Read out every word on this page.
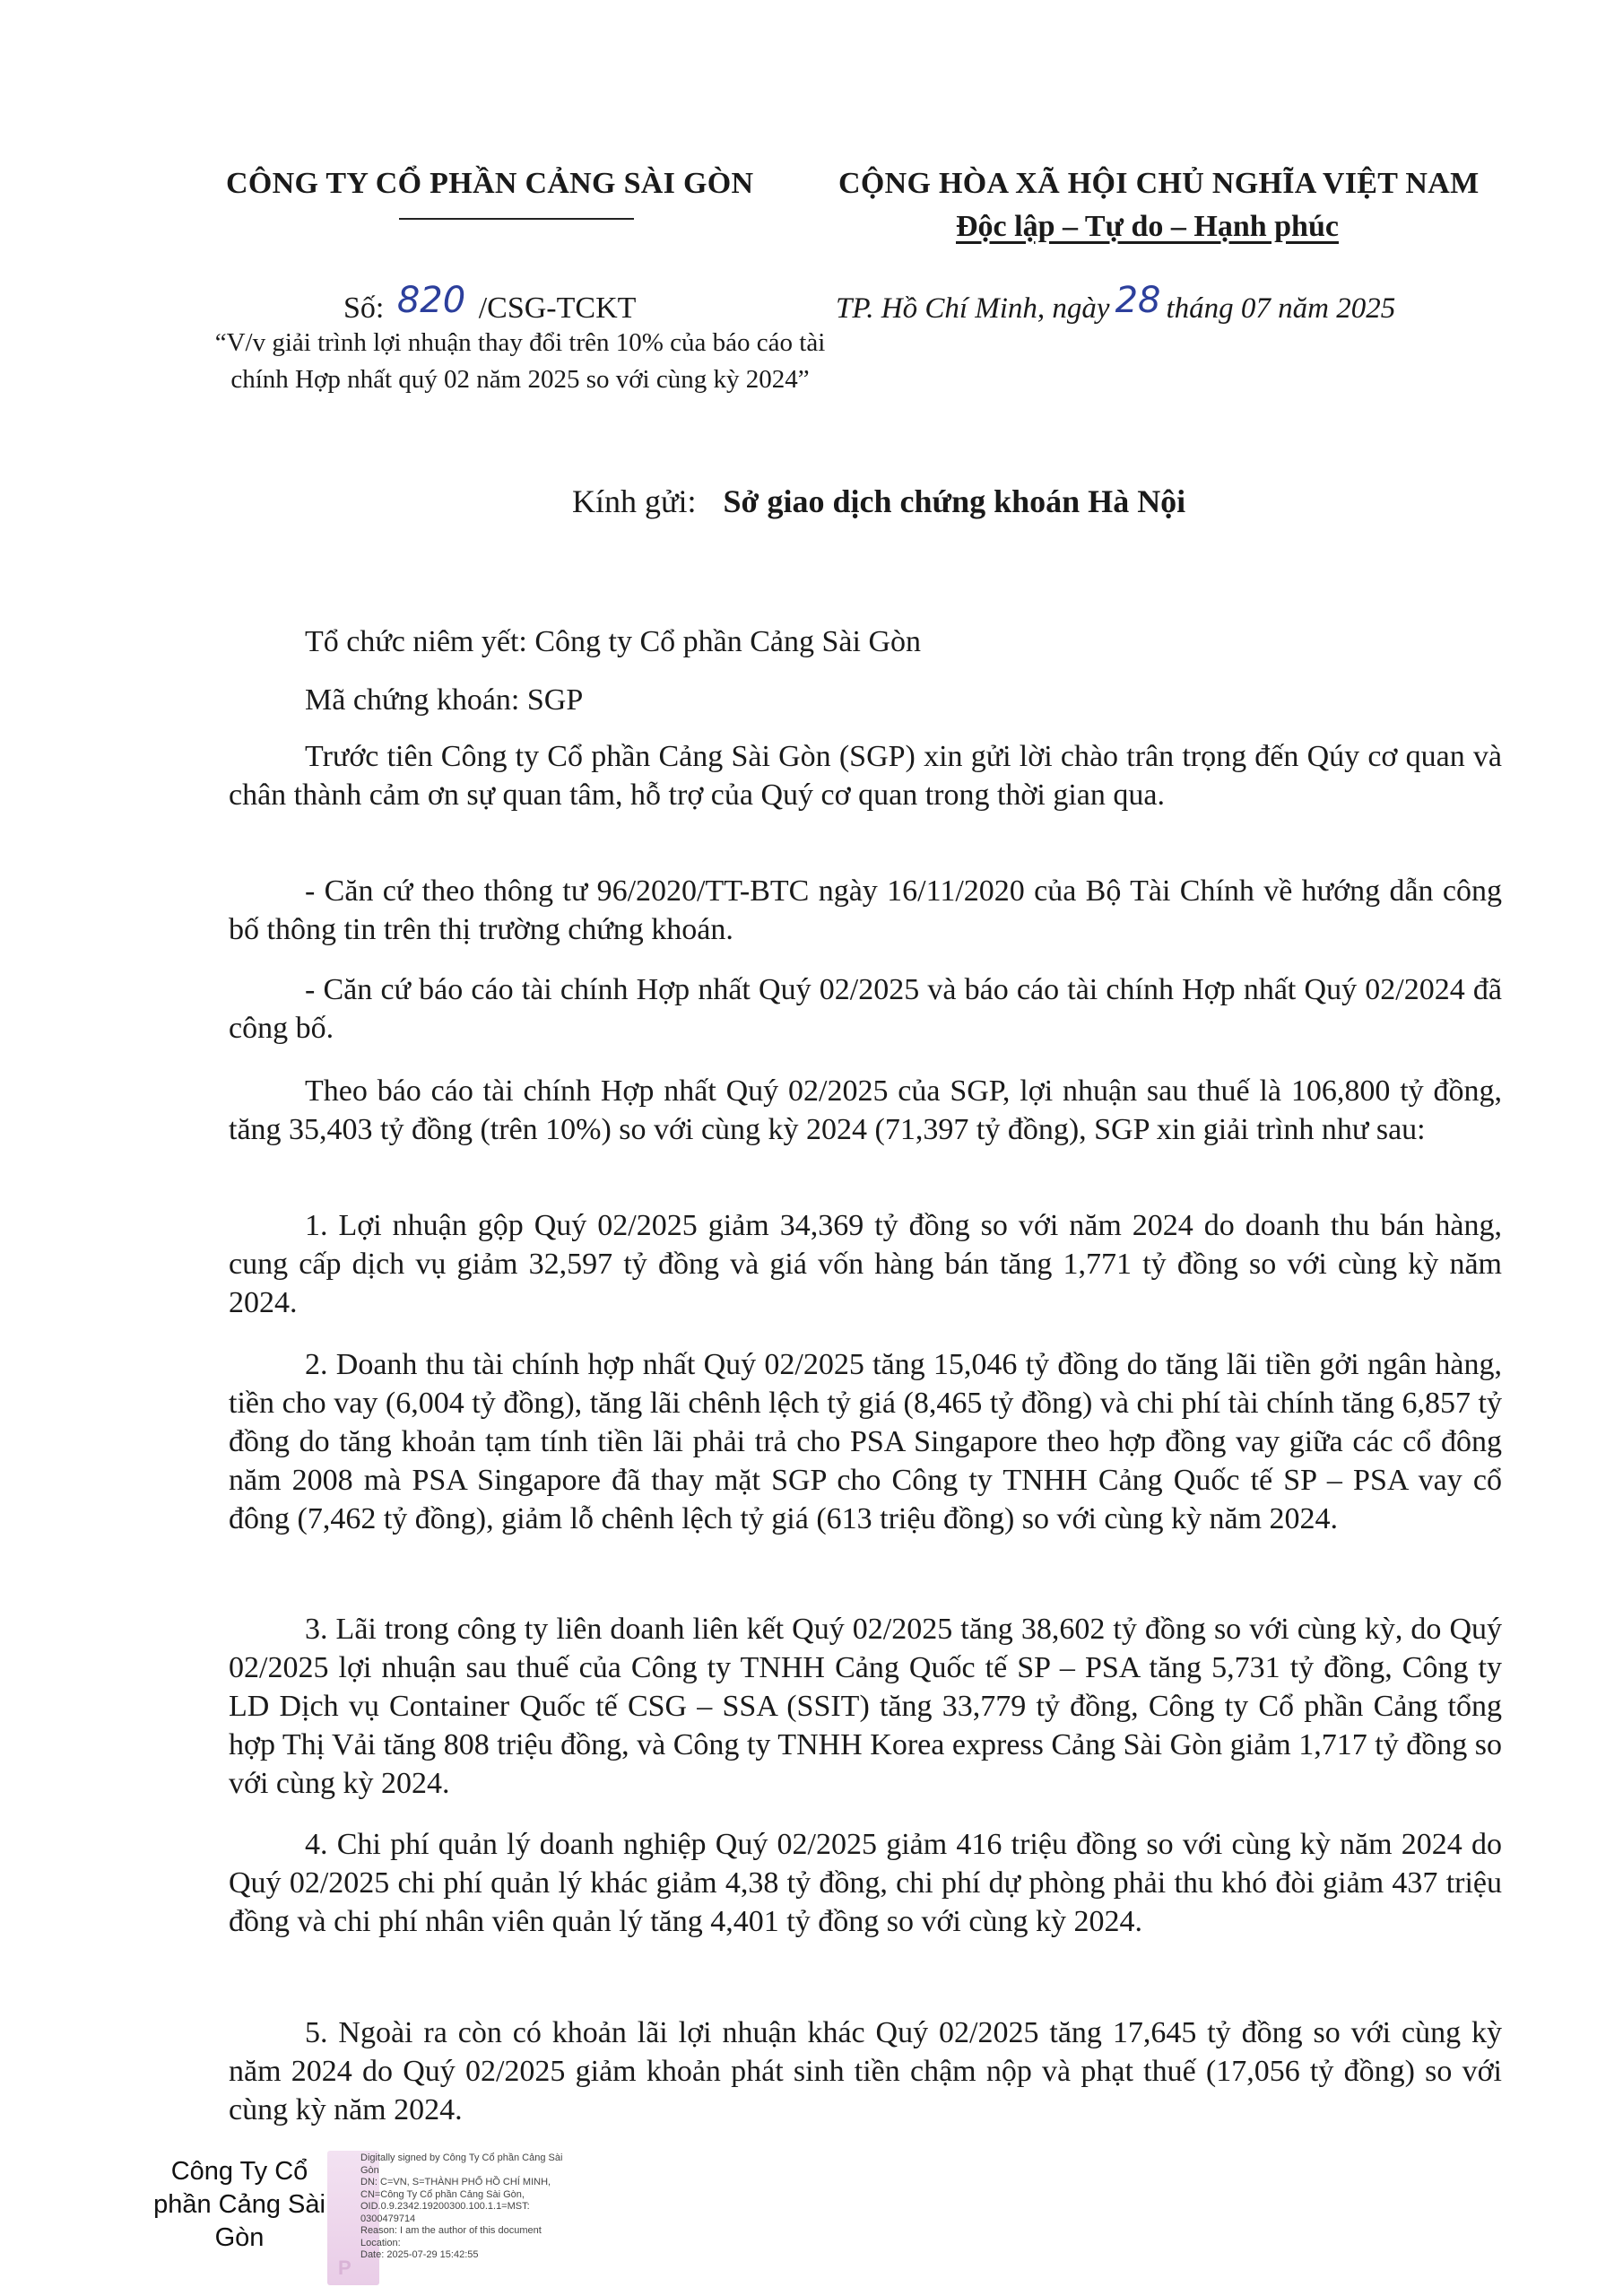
CÔNG TY CỔ PHẦN CẢNG SÀI GÒN	CỘNG HÒA XÃ HỘI CHỦ NGHĨA VIỆT NAM
Độc lập – Tự do – Hạnh phúc
Số: 820 /CSG-TCKT
“V/v giải trình lợi nhuận thay đổi trên 10% của báo cáo tài chính Hợp nhất quý 02 năm 2025 so với cùng kỳ 2024”
TP. Hồ Chí Minh, ngày 28 tháng 07 năm 2025
Kính gửi: Sở giao dịch chứng khoán Hà Nội
Tổ chức niêm yết: Công ty Cổ phần Cảng Sài Gòn
Mã chứng khoán: SGP
Trước tiên Công ty Cổ phần Cảng Sài Gòn (SGP) xin gửi lời chào trân trọng đến Qúy cơ quan và chân thành cảm ơn sự quan tâm, hỗ trợ của Quý cơ quan trong thời gian qua.
- Căn cứ theo thông tư 96/2020/TT-BTC ngày 16/11/2020 của Bộ Tài Chính về hướng dẫn công bố thông tin trên thị trường chứng khoán.
- Căn cứ báo cáo tài chính Hợp nhất Quý 02/2025 và báo cáo tài chính Hợp nhất Quý 02/2024 đã công bố.
Theo báo cáo tài chính Hợp nhất Quý 02/2025 của SGP, lợi nhuận sau thuế là 106,800 tỷ đồng, tăng 35,403 tỷ đồng (trên 10%) so với cùng kỳ 2024 (71,397 tỷ đồng), SGP xin giải trình như sau:
1. Lợi nhuận gộp Quý 02/2025 giảm 34,369 tỷ đồng so với năm 2024 do doanh thu bán hàng, cung cấp dịch vụ giảm 32,597 tỷ đồng và giá vốn hàng bán tăng 1,771 tỷ đồng so với cùng kỳ năm 2024.
2. Doanh thu tài chính hợp nhất Quý 02/2025 tăng 15,046 tỷ đồng do tăng lãi tiền gởi ngân hàng, tiền cho vay (6,004 tỷ đồng), tăng lãi chênh lệch tỷ giá (8,465 tỷ đồng) và chi phí tài chính tăng 6,857 tỷ đồng do tăng khoản tạm tính tiền lãi phải trả cho PSA Singapore theo hợp đồng vay giữa các cổ đông năm 2008 mà PSA Singapore đã thay mặt SGP cho Công ty TNHH Cảng Quốc tế SP – PSA vay cổ đông (7,462 tỷ đồng), giảm lỗ chênh lệch tỷ giá (613 triệu đồng) so với cùng kỳ năm 2024.
3. Lãi trong công ty liên doanh liên kết Quý 02/2025 tăng 38,602 tỷ đồng so với cùng kỳ, do Quý 02/2025 lợi nhuận sau thuế của Công ty TNHH Cảng Quốc tế SP – PSA tăng 5,731 tỷ đồng, Công ty LD Dịch vụ Container Quốc tế CSG – SSA (SSIT) tăng 33,779 tỷ đồng, Công ty Cổ phần Cảng tổng hợp Thị Vải tăng 808 triệu đồng, và Công ty TNHH Korea express Cảng Sài Gòn giảm 1,717 tỷ đồng so với cùng kỳ 2024.
4. Chi phí quản lý doanh nghiệp Quý 02/2025 giảm 416 triệu đồng so với cùng kỳ năm 2024 do Quý 02/2025 chi phí quản lý khác giảm 4,38 tỷ đồng, chi phí dự phòng phải thu khó đòi giảm 437 triệu đồng và chi phí nhân viên quản lý tăng 4,401 tỷ đồng so với cùng kỳ 2024.
5. Ngoài ra còn có khoản lãi lợi nhuận khác Quý 02/2025 tăng 17,645 tỷ đồng so với cùng kỳ năm 2024 do Quý 02/2025 giảm khoản phát sinh tiền chậm nộp và phạt thuế (17,056 tỷ đồng) so với cùng kỳ năm 2024.
P
Công Ty Cổ
phần Cảng Sài
Gòn
Digitally signed by Công Ty Cổ phần Cảng Sài
Gòn
DN: C=VN, S=THÀNH PHỐ HỒ CHÍ MINH,
CN=Công Ty Cổ phần Cảng Sài Gòn,
OID.0.9.2342.19200300.100.1.1=MST:
0300479714
Reason: I am the author of this document
Location:
Date: 2025-07-29 15:42:55
